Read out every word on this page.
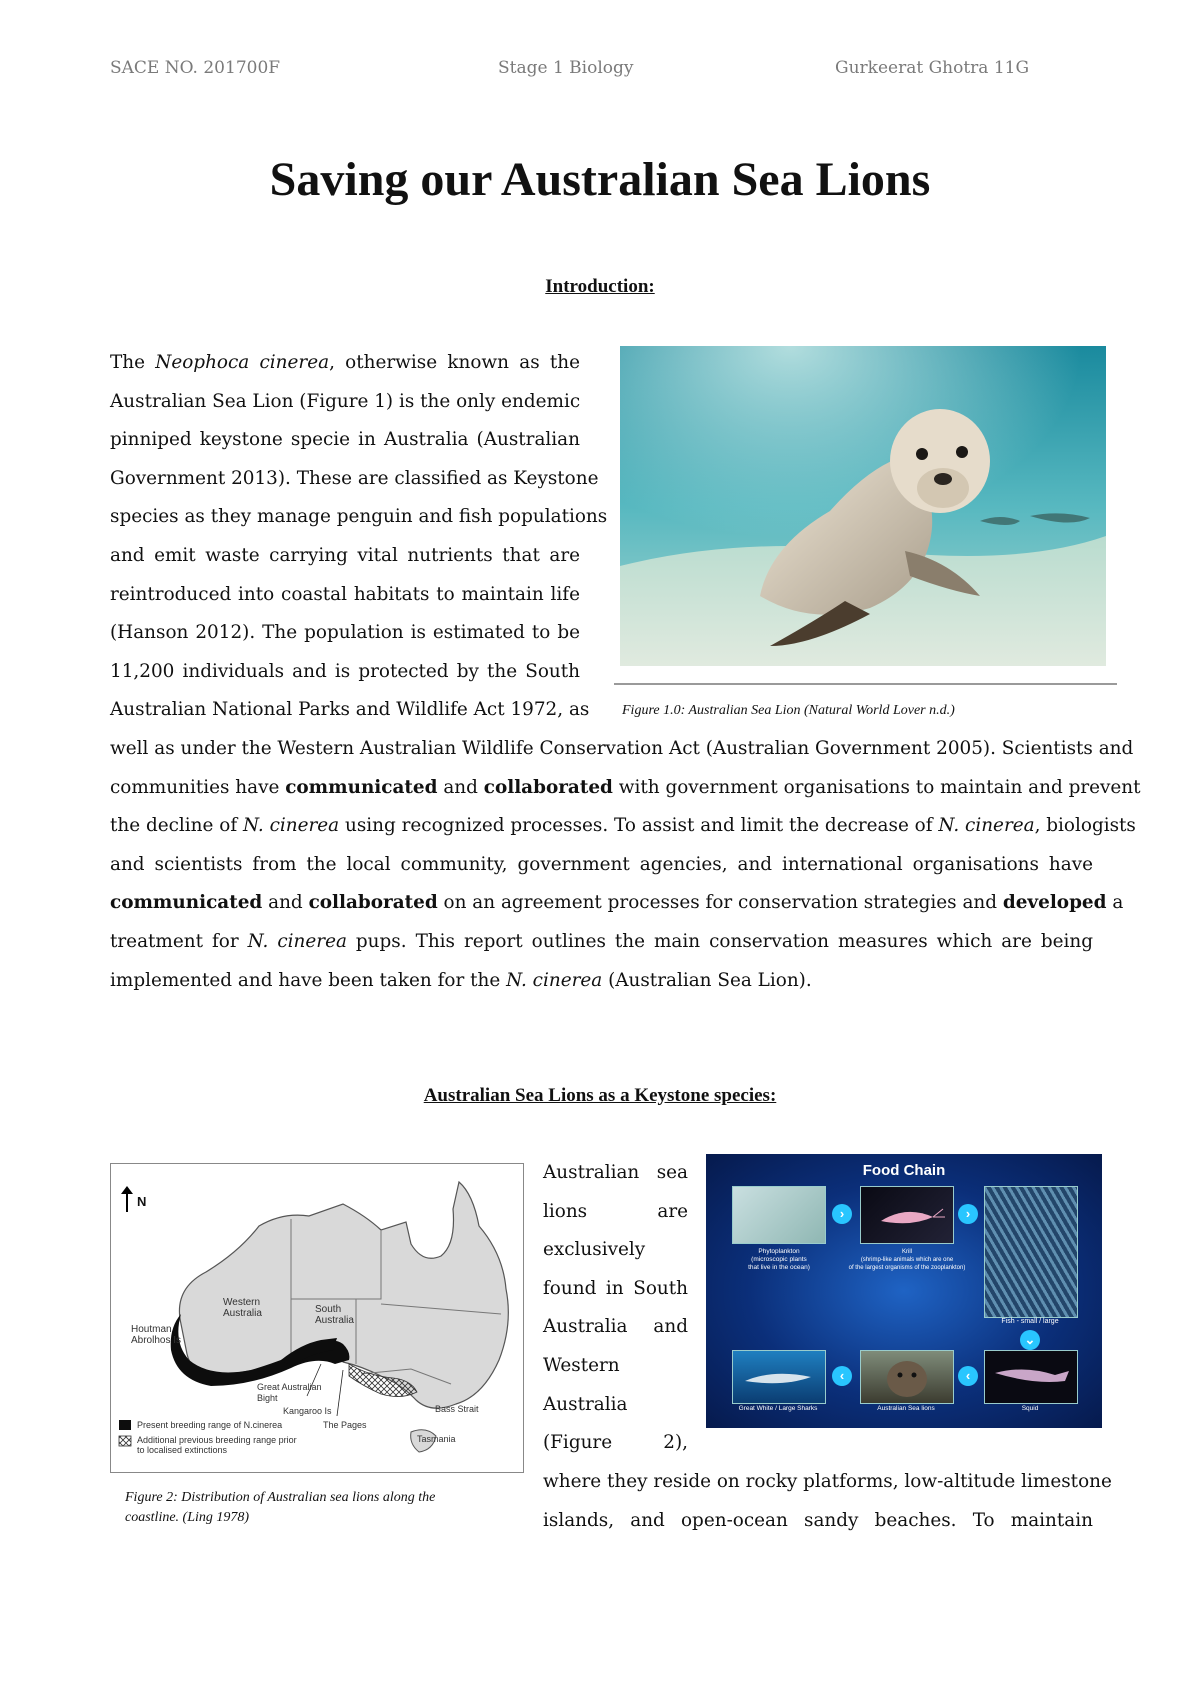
SACE NO. 201700F	Stage 1 Biology	Gurkeerat Ghotra 11G
Saving our Australian Sea Lions
Introduction:
The Neophoca cinerea, otherwise known as the
Australian Sea Lion (Figure 1) is the only endemic
pinniped keystone specie in Australia (Australian
Government 2013). These are classified as Keystone
species as they manage penguin and fish populations
and emit waste carrying vital nutrients that are
reintroduced into coastal habitats to maintain life
(Hanson 2012). The population is estimated to be
11,200 individuals and is protected by the South
Australian National Parks and Wildlife Act 1972, as Figure 1.0: Australian Sea Lion (Natural World Lover n.d.)
well as under the Western Australian Wildlife Conservation Act (Australian Government 2005). Scientists and
communities have communicated and collaborated with government organisations to maintain and prevent
the decline of N. cinerea using recognized processes. To assist and limit the decrease of N. cinerea, biologists
and scientists from the local community, government agencies, and international organisations have
communicated and collaborated on an agreement processes for conservation strategies and developed a
treatment for N. cinerea pups. This report outlines the main conservation measures which are being
implemented and have been taken for the N. cinerea (Australian Sea Lion).
Australian Sea Lions as a Keystone species:
N
Western
Australia	South
Australia
Houtman
Abrolhos Is
Great Australian
Bight
Kangaroo Is
The Pages
Bass Strait
Tasmania
Present breeding range of N.cinerea
Additional previous breeding range prior
to localised extinctions
Figure 2: Distribution of Australian sea lions along the
coastline. (Ling 1978)
Australian sea
lions are
exclusively
found in South
Australia and
Western
Australia
(Figure 2),
Food Chain
›	›
Phytoplankton
(microscopic plants
that live in the ocean)
Krill
(shrimp-like animals which are one
of the largest organisms of the zooplankton)
Fish - small / large
⌄
‹	‹
Great White / Large Sharks	Australian Sea lions	Squid
where they reside on rocky platforms, low-altitude limestone
islands, and open-ocean sandy beaches. To maintain
